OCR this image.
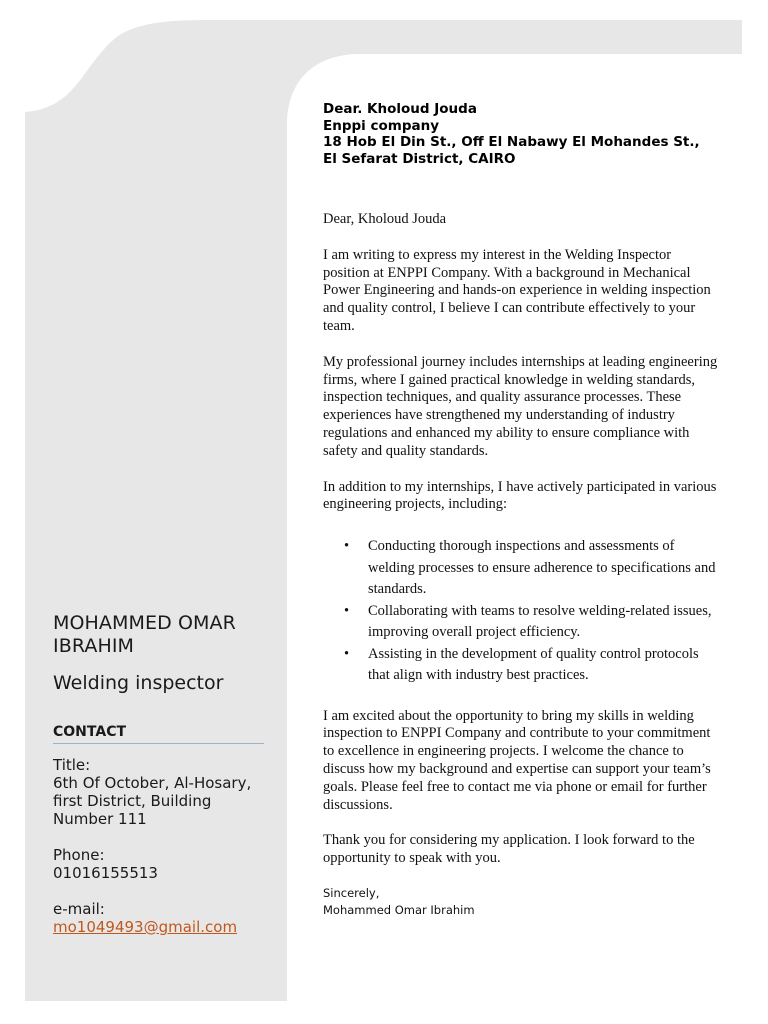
MOHAMMED OMAR IBRAHIM
Welding inspector
CONTACT
Title:
6th Of October, Al-Hosary, first District, Building Number 111
Phone:
01016155513
e-mail:
mo1049493@gmail.com
Dear. Kholoud Jouda
Enppi company
18 Hob El Din St., Off El Nabawy El Mohandes St.,
El Sefarat District, CAIRO

Dear, Kholoud Jouda

I am writing to express my interest in the Welding Inspector position at ENPPI Company. With a background in Mechanical Power Engineering and hands-on experience in welding inspection and quality control, I believe I can contribute effectively to your team.

My professional journey includes internships at leading engineering firms, where I gained practical knowledge in welding standards, inspection techniques, and quality assurance processes. These experiences have strengthened my understanding of industry regulations and enhanced my ability to ensure compliance with safety and quality standards.

In addition to my internships, I have actively participated in various engineering projects, including:

• Conducting thorough inspections and assessments of welding processes to ensure adherence to specifications and standards.
• Collaborating with teams to resolve welding-related issues, improving overall project efficiency.
• Assisting in the development of quality control protocols that align with industry best practices.

I am excited about the opportunity to bring my skills in welding inspection to ENPPI Company and contribute to your commitment to excellence in engineering projects. I welcome the chance to discuss how my background and expertise can support your team’s goals. Please feel free to contact me via phone or email for further discussions.

Thank you for considering my application. I look forward to the opportunity to speak with you.

Sincerely,
Mohammed Omar Ibrahim
